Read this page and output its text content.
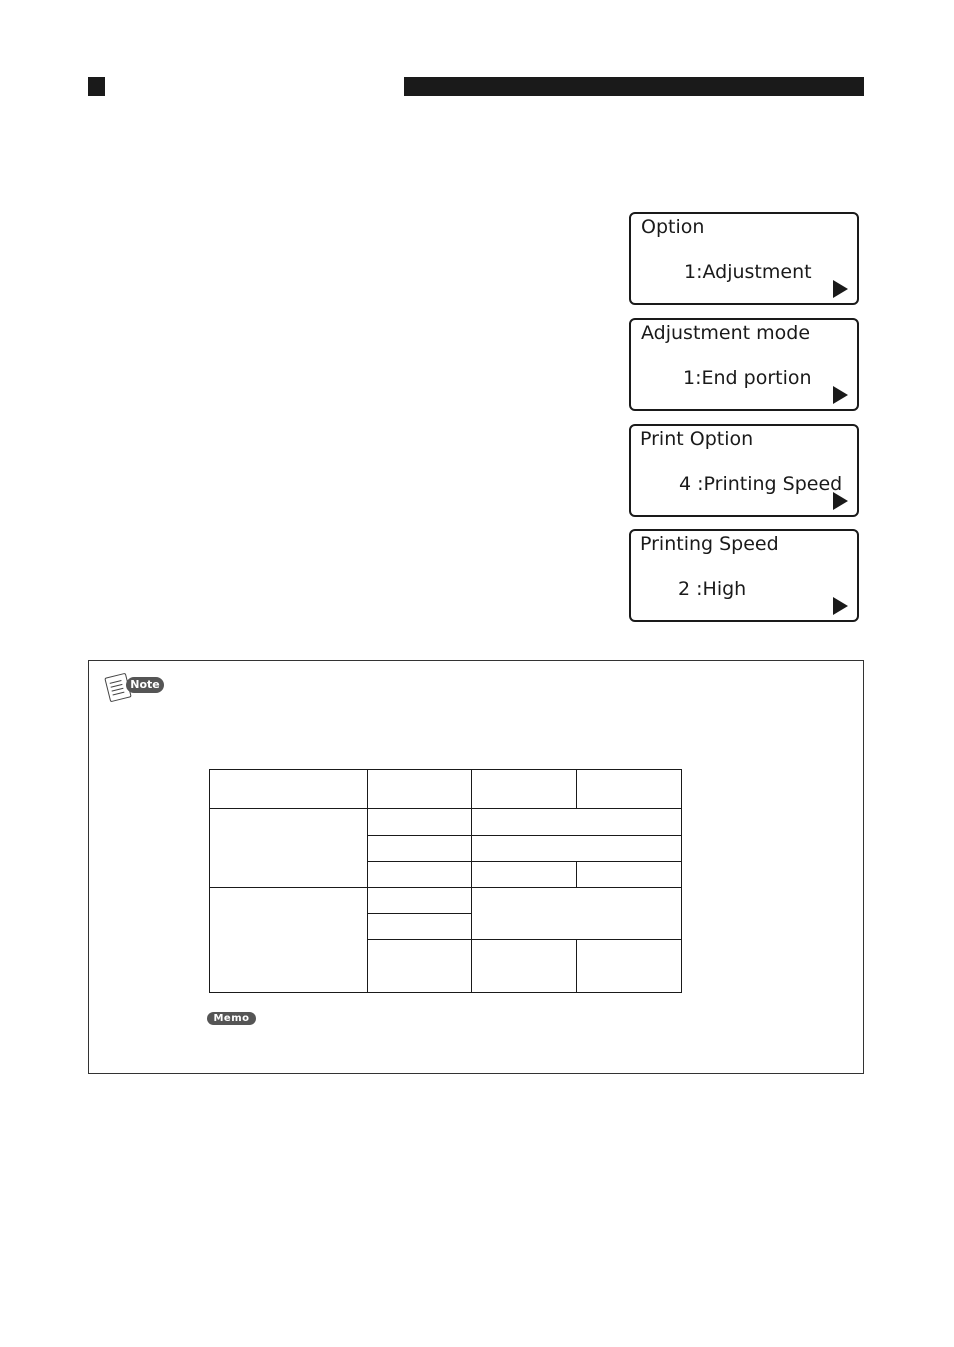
Option
1:Adjustment
Adjustment mode
1:End portion
Print Option
4 :Printing Speed
Printing Speed
2 :High
Note
Memo
